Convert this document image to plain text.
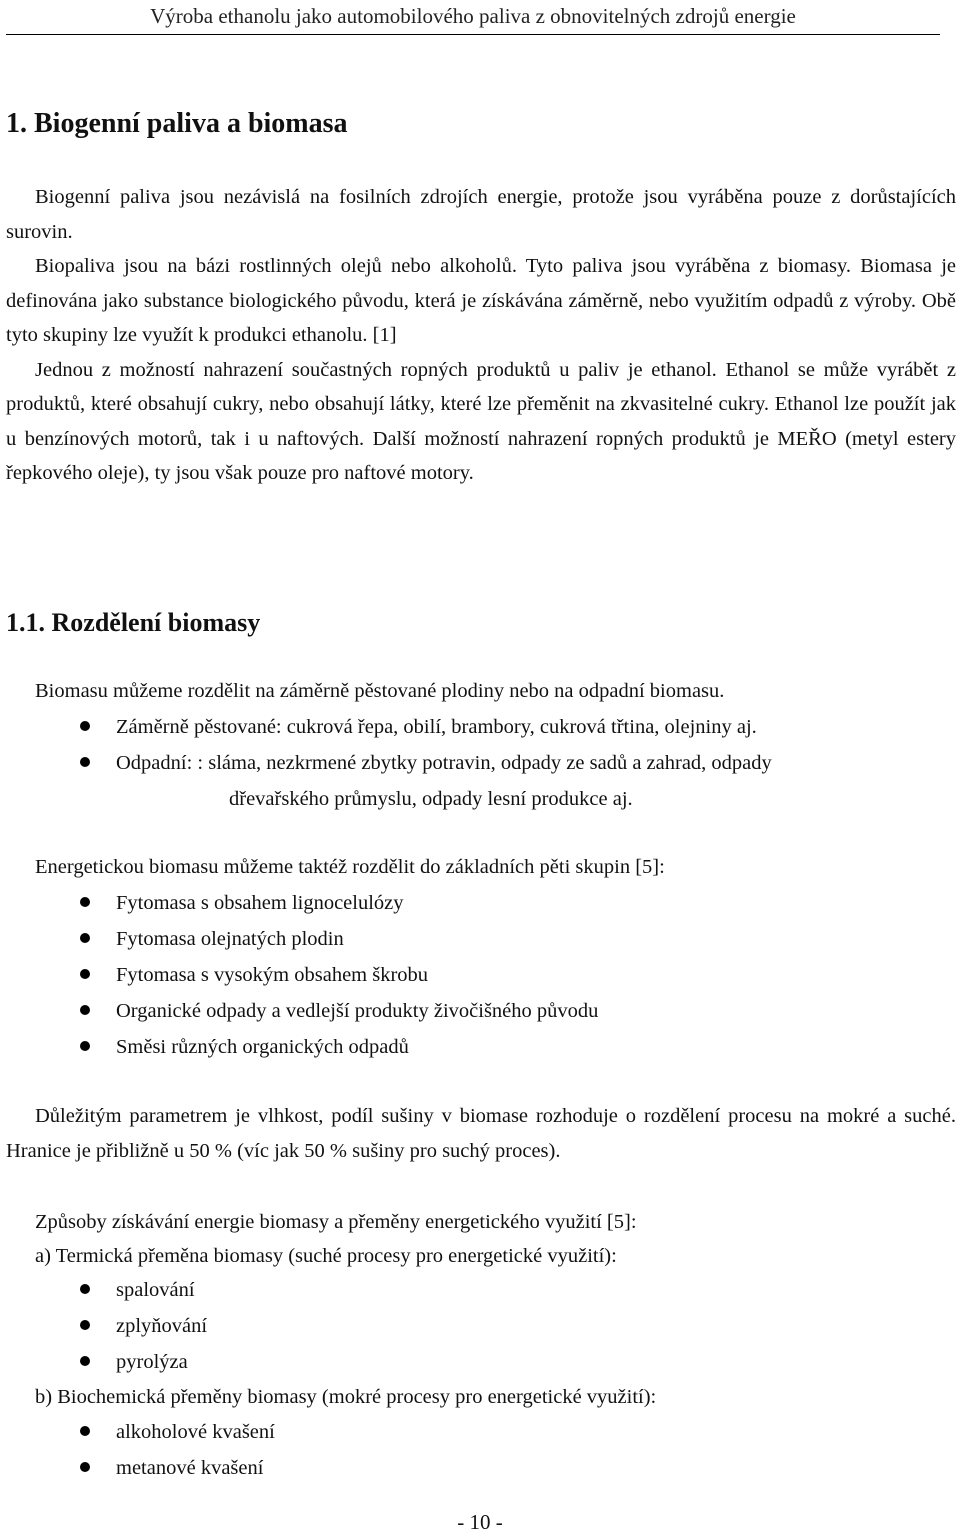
Výroba ethanolu jako automobilového paliva z obnovitelných zdrojů energie
1. Biogenní paliva a biomasa

Biogenní paliva jsou nezávislá na fosilních zdrojích energie, protože jsou vyráběna pouze z dorůstajících surovin.

Biopaliva jsou na bázi rostlinných olejů nebo alkoholů. Tyto paliva jsou vyráběna z biomasy. Biomasa je definována jako substance biologického původu, která je získávána záměrně, nebo využitím odpadů z výroby. Obě tyto skupiny lze využít k produkci ethanolu. [1]

Jednou z možností nahrazení součastných ropných produktů u paliv je ethanol. Ethanol se může vyrábět z produktů, které obsahují cukry, nebo obsahují látky, které lze přeměnit na zkvasitelné cukry. Ethanol lze použít jak u benzínových motorů, tak i u naftových. Další možností nahrazení ropných produktů je MEŘO (metyl estery řepkového oleje), ty jsou však pouze pro naftové motory.

1.1. Rozdělení biomasy

Biomasu můžeme rozdělit na záměrně pěstované plodiny nebo na odpadní biomasu.

Záměrně pěstované: cukrová řepa, obilí, brambory, cukrová třtina, olejniny aj.
Odpadní: : sláma, nezkrmené zbytky potravin, odpady ze sadů a zahrad, odpady

dřevařského průmyslu, odpady lesní produkce aj.

Energetickou biomasu můžeme taktéž rozdělit do základních pěti skupin [5]:

Fytomasa s obsahem lignocelulózy
Fytomasa olejnatých plodin
Fytomasa s vysokým obsahem škrobu
Organické odpady a vedlejší produkty živočišného původu
Směsi různých organických odpadů
Důležitým parametrem je vlhkost, podíl sušiny v biomase rozhoduje o rozdělení procesu na mokré a suché. Hranice je přibližně u 50 % (víc jak 50 % sušiny pro suchý proces).

Způsoby získávání energie biomasy a přeměny energetického využití [5]:

a) Termická přeměna biomasy (suché procesy pro energetické využití):

spalování
zplyňování
pyrolýza

b) Biochemická přeměny biomasy (mokré procesy pro energetické využití):

alkoholové kvašení
metanové kvašení
- 10 -
